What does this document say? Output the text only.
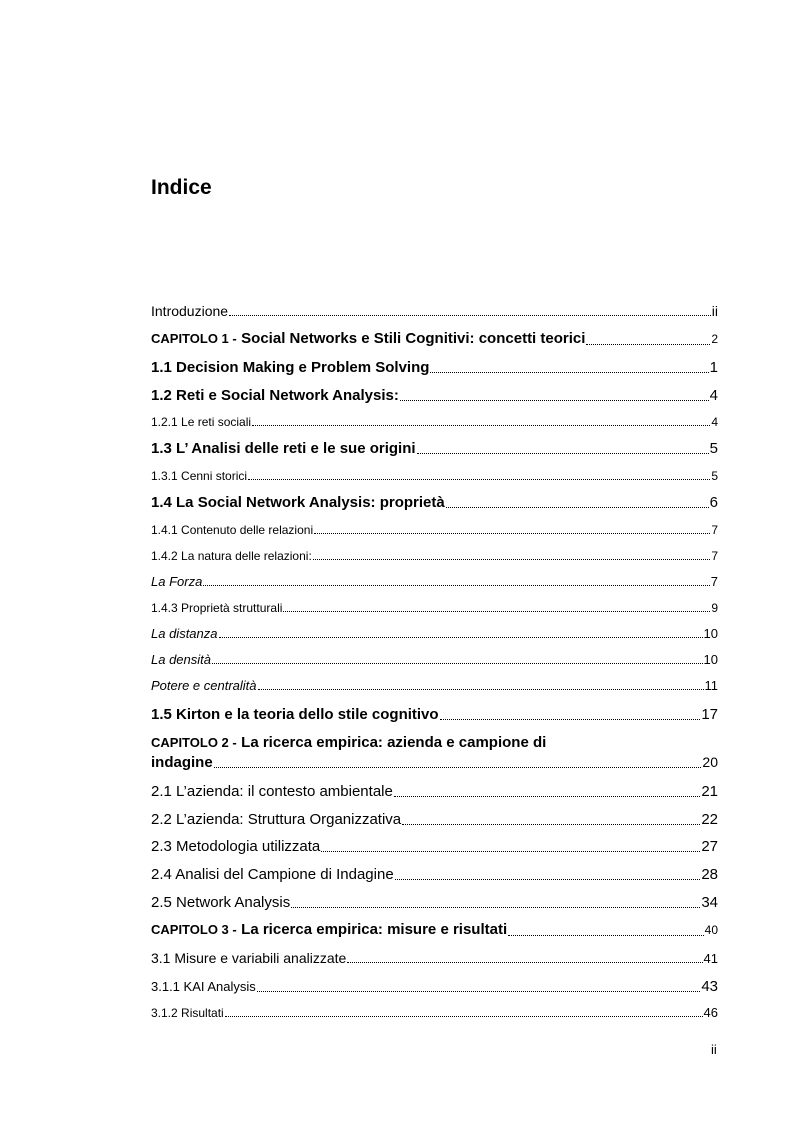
Indice
Introduzione	ii
CAPITOLO 1 - Social Networks e Stili Cognitivi: concetti teorici	2
1.1 Decision Making e Problem Solving	1
1.2 Reti e Social Network Analysis:	4
1.2.1 Le reti sociali	4
1.3 L’ Analisi delle reti e le sue origini	5
1.3.1 Cenni storici	5
1.4 La Social Network Analysis: proprietà	6
1.4.1 Contenuto delle relazioni	7
1.4.2 La natura delle relazioni:	7
La Forza	7
1.4.3 Proprietà strutturali	9
La distanza	10
La densità	10
Potere e centralità	11
1.5 Kirton e la teoria dello stile cognitivo	17
CAPITOLO 2 - La ricerca empirica: azienda e campione di
indagine	20
2.1 L’azienda: il contesto ambientale	21
2.2 L’azienda: Struttura Organizzativa	22
2.3 Metodologia utilizzata	27
2.4 Analisi del Campione di Indagine	28
2.5 Network Analysis	34
CAPITOLO 3 - La ricerca empirica: misure e risultati	40
3.1 Misure e variabili analizzate	41
3.1.1 KAI Analysis	43
3.1.2 Risultati	46
ii
